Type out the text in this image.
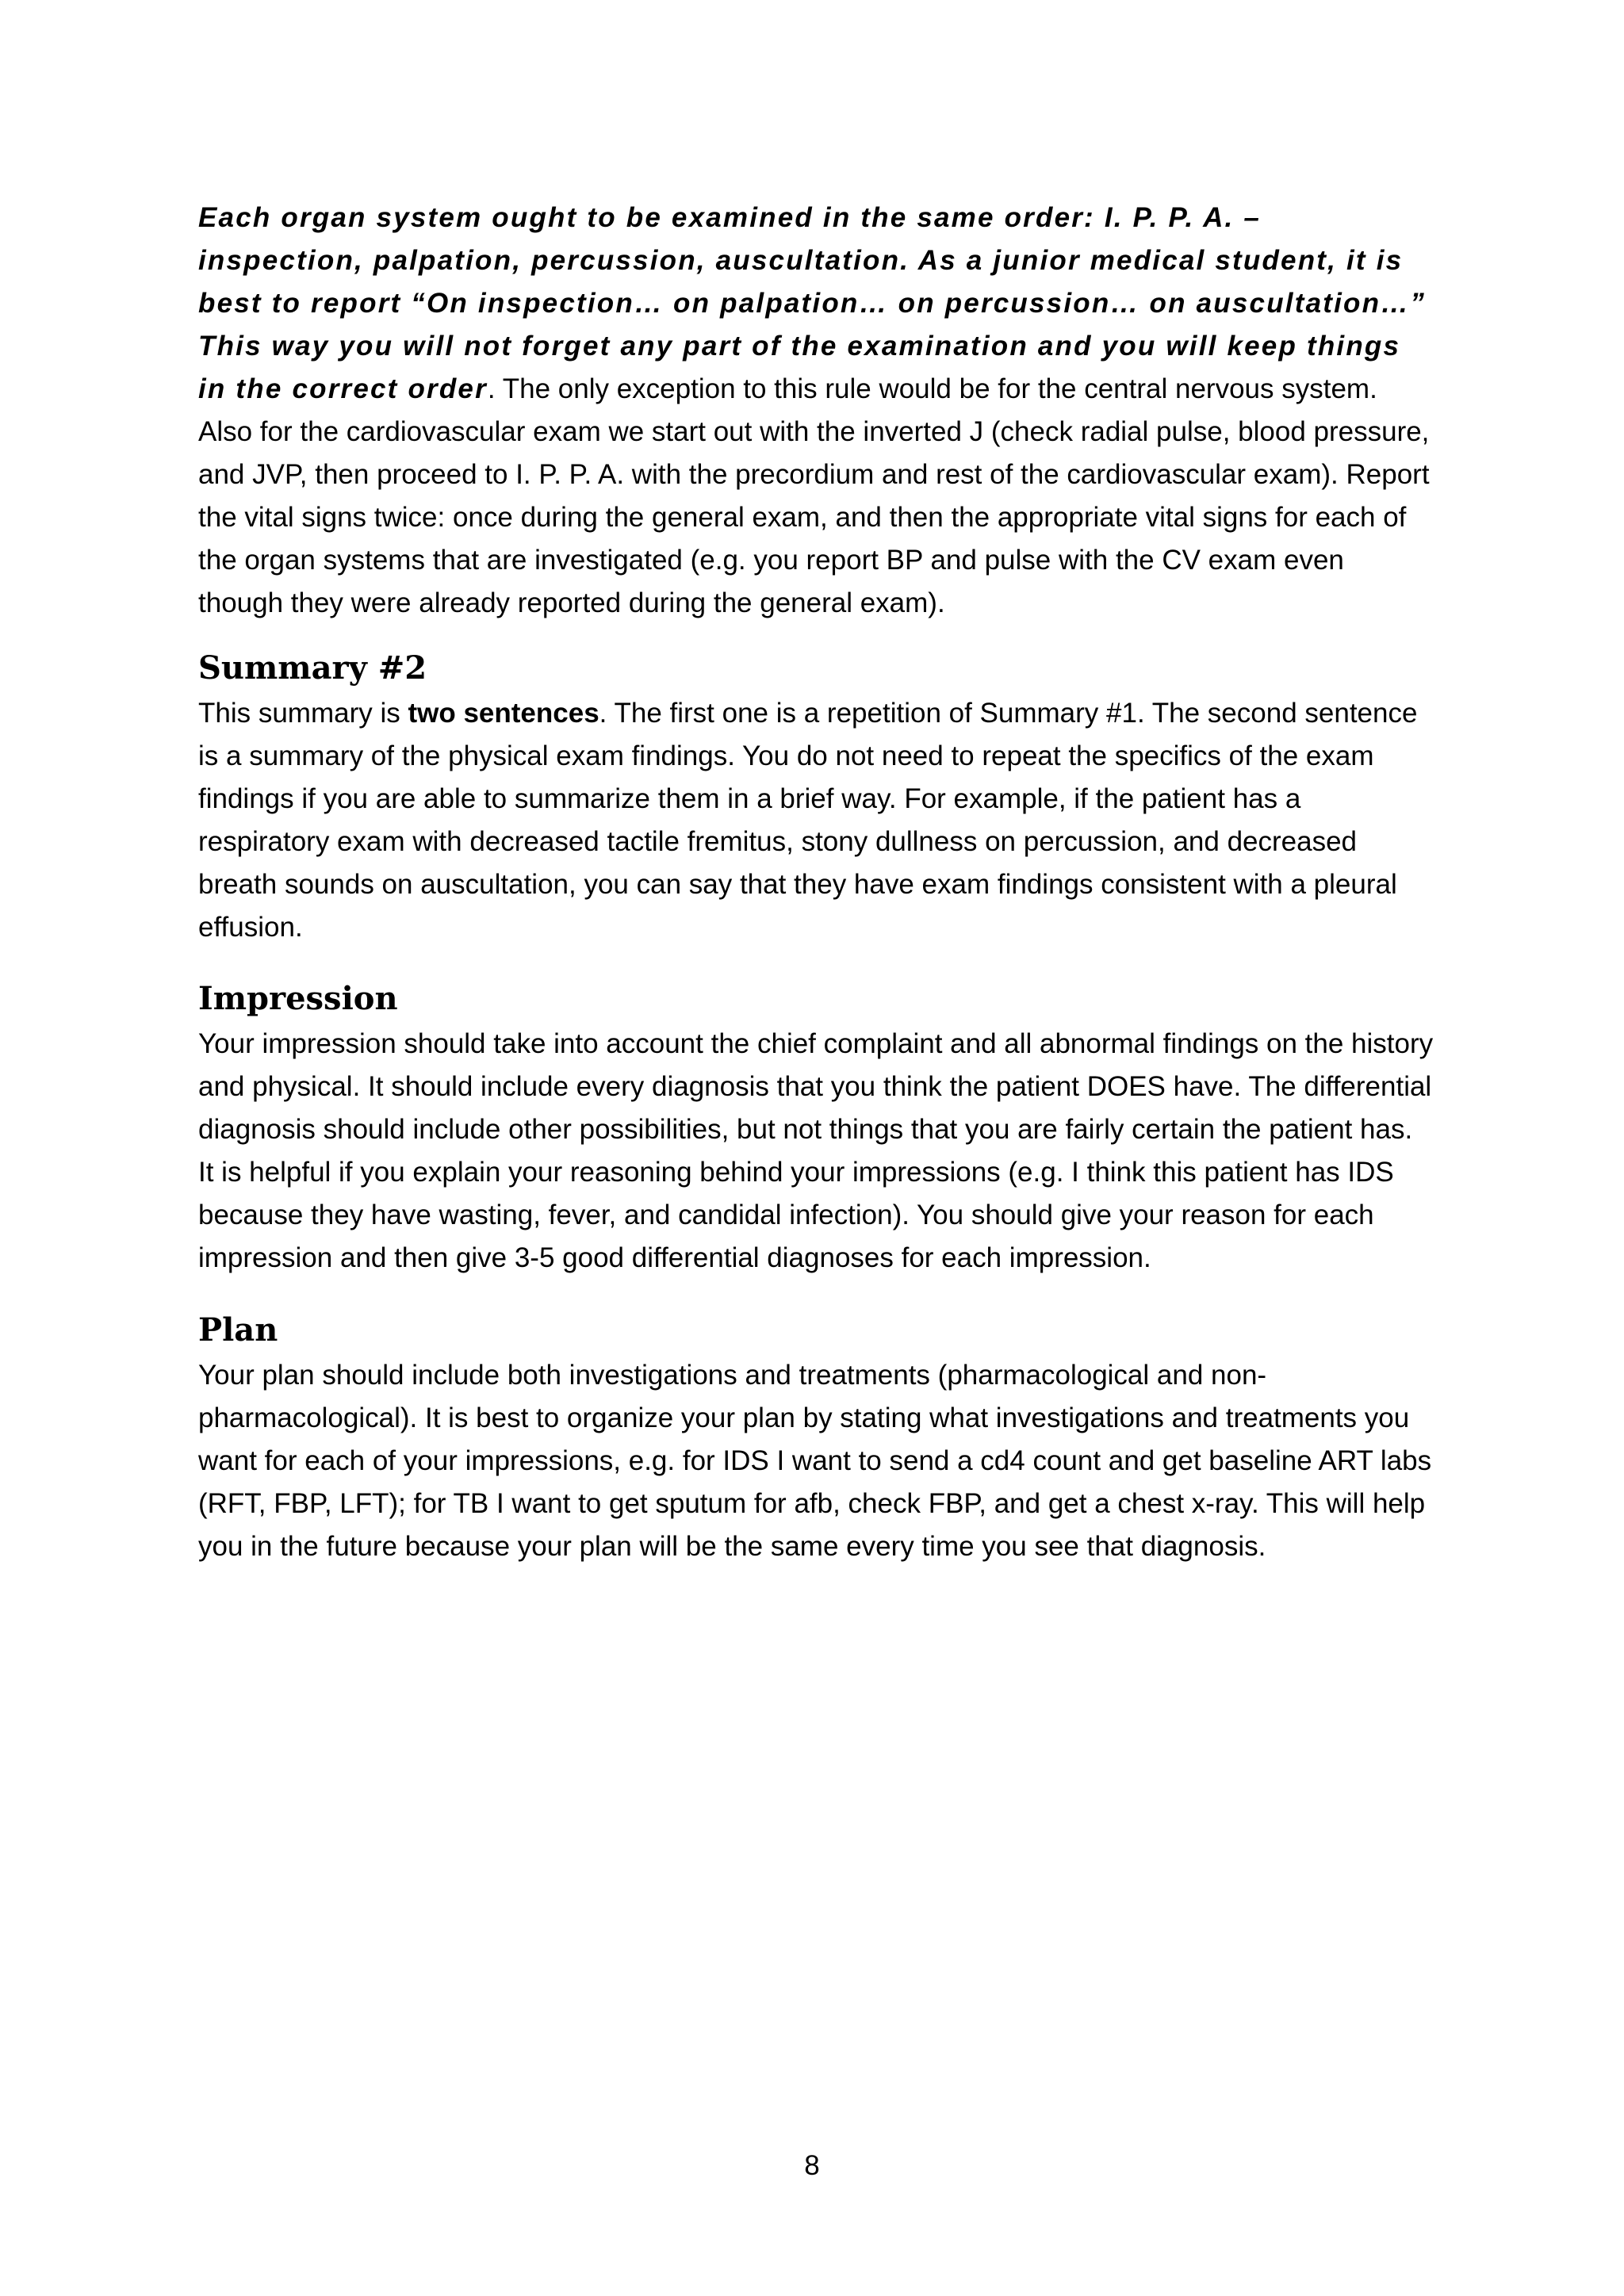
Each organ system ought to be examined in the same order: I. P. P. A. – inspection, palpation, percussion, auscultation. As a junior medical student, it is best to report “On inspection… on palpation… on percussion… on auscultation…” This way you will not forget any part of the examination and you will keep things in the correct order. The only exception to this rule would be for the central nervous system. Also for the cardiovascular exam we start out with the inverted J (check radial pulse, blood pressure, and JVP, then proceed to I. P. P. A. with the precordium and rest of the cardiovascular exam). Report the vital signs twice: once during the general exam, and then the appropriate vital signs for each of the organ systems that are investigated (e.g. you report BP and pulse with the CV exam even though they were already reported during the general exam).

Summary #2

This summary is two sentences. The first one is a repetition of Summary #1. The second sentence is a summary of the physical exam findings. You do not need to repeat the specifics of the exam findings if you are able to summarize them in a brief way. For example, if the patient has a respiratory exam with decreased tactile fremitus, stony dullness on percussion, and decreased breath sounds on auscultation, you can say that they have exam findings consistent with a pleural effusion.

Impression

Your impression should take into account the chief complaint and all abnormal findings on the history and physical. It should include every diagnosis that you think the patient DOES have. The differential diagnosis should include other possibilities, but not things that you are fairly certain the patient has. It is helpful if you explain your reasoning behind your impressions (e.g. I think this patient has IDS because they have wasting, fever, and candidal infection). You should give your reason for each impression and then give 3-5 good differential diagnoses for each impression.

Plan

Your plan should include both investigations and treatments (pharmacological and non-pharmacological). It is best to organize your plan by stating what investigations and treatments you want for each of your impressions, e.g. for IDS I want to send a cd4 count and get baseline ART labs (RFT, FBP, LFT); for TB I want to get sputum for afb, check FBP, and get a chest x-ray. This will help you in the future because your plan will be the same every time you see that diagnosis.

8
